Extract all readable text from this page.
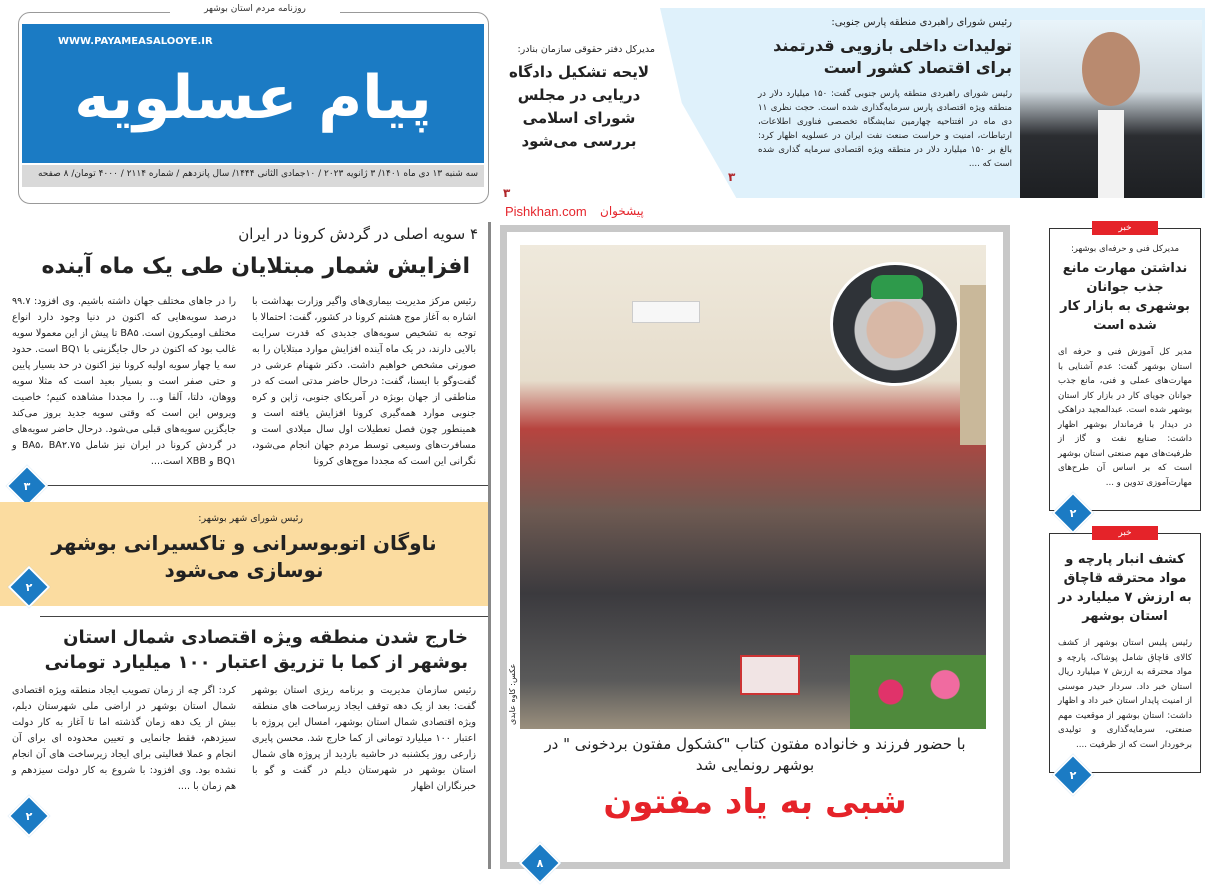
روزنامه مردم استان بوشهر
WWW.PAYAMEASALOOYE.IR
پیام عسلویه
سه شنبه ۱۳ دی ماه ۱۴۰۱/ ۳ ژانویه ۲۰۲۳ / ۱۰جمادی الثانی ۱۴۴۴/ سال پانزدهم / شماره ۲۱۱۴ / ۴۰۰۰ تومان/ ۸ صفحه
مدیرکل دفتر حقوقی سازمان بنادر:
لایحه تشکیل دادگاه دریایی در مجلس شورای اسلامی بررسی می‌شود
۳
Pishkhan.com پیشخوان
رئیس شورای راهبردی منطقه پارس جنوبی:
تولیدات داخلی بازویی قدرتمند
برای اقتصاد کشور است
رئیس شورای راهبردی منطقه پارس جنوبی گفت: ۱۵۰ میلیارد دلار در منطقه ویژه اقتصادی پارس سرمایه‌گذاری شده است. حجت نظری ۱۱ دی ماه در افتتاحیه چهارمین نمایشگاه تخصصی فناوری اطلاعات، ارتباطات، امنیت و حراست صنعت نفت ایران در عسلویه اظهار کرد: بالغ بر ۱۵۰ میلیارد دلار در منطقه ویژه اقتصادی سرمایه گذاری شده است که ....
۳
۴ سویه اصلی در گردش کرونا در ایران
افزایش شمار مبتلایان طی یک ماه آینده
رئیس مرکز مدیریت بیماری‌های واگیر وزارت بهداشت با اشاره به آغاز موج هشتم کرونا در کشور، گفت: احتمالا با توجه به تشخیص سویه‌های جدیدی که قدرت سرایت بالایی دارند، در یک ماه آینده افزایش موارد مبتلایان را به صورتی مشخص خواهیم داشت. دکتر شهنام عرشی در گفت‌وگو با ایسنا، گفت: درحال حاضر مدتی است که در مناطقی از جهان بویژه در آمریکای جنوبی، ژاپن و کره جنوبی موارد همه‌گیری کرونا افزایش یافته است و همینطور چون فصل تعطیلات اول سال میلادی است و مسافرت‌های وسیعی توسط مردم جهان انجام می‌شود، نگرانی این است که مجددا موج‌های کرونا
را در جاهای مختلف جهان داشته باشیم. وی افزود: ۹۹.۷ درصد سویه‌هایی که اکنون در دنیا وجود دارد انواع مختلف اومیکرون است. BA۵ تا پیش از این معمولا سویه غالب بود که اکنون در حال جایگزینی با BQ۱ است. حدود سه یا چهار سویه اولیه کرونا نیز اکنون در حد بسیار پایین و حتی صفر است و بسیار بعید است که مثلا سویه ووهان، دلتا، آلفا و... را مجددا مشاهده کنیم؛ خاصیت ویروس این است که وقتی سویه جدید بروز می‌کند جایگزین سویه‌های قبلی می‌شود. درحال حاضر سویه‌های در گردش کرونا در ایران نیز شامل BA۵، BA۲.۷۵ و BQ۱ و XBB است....
۳
رئیس شورای شهر بوشهر:
ناوگان اتوبوسرانی و تاکسیرانی بوشهر نوسازی می‌شود
۲
خارج شدن منطقه ویژه اقتصادی شمال استان
بوشهر از کما با تزریق اعتبار ۱۰۰ میلیارد تومانی
رئیس سازمان مدیریت و برنامه ریزی استان بوشهر گفت: بعد از یک دهه توقف ایجاد زیرساخت های منطقه ویژه اقتصادی شمال استان بوشهر، امسال این پروژه با اعتبار ۱۰۰ میلیارد تومانی از کما خارج شد. محسن پایری زارعی روز یکشنبه در حاشیه بازدید از پروژه های شمال استان بوشهر در شهرستان دیلم در گفت و گو با خبرنگاران اظهار
کرد: اگر چه از زمان تصویب ایجاد منطقه ویژه اقتصادی شمال استان بوشهر در اراضی ملی شهرستان دیلم، بیش از یک دهه زمان گذشته اما تا آغاز به کار دولت سیزدهم، فقط جانمایی و تعیین محدوده ای برای آن انجام و عملا فعالیتی برای ایجاد زیرساخت های آن انجام نشده بود. وی افزود: با شروع به کار دولت سیزدهم و هم زمان با ....
۲
عکس: کاوه عابدی
با حضور فرزند و خانواده مفتون کتاب "کشکول مفتون بردخونی " در بوشهر رونمایی شد
شبی به یاد مفتون
۸
خبر
مدیرکل فنی و حرفه‌ای بوشهر:
نداشتن مهارت مانع جذب جوانان بوشهری به بازار کار شده است
مدیر کل آموزش فنی و حرفه ای استان بوشهر گفت: عدم آشنایی با مهارت‌های عملی و فنی، مانع جذب جوانان جویای کار در بازار کار استان بوشهر شده است. عبدالمجید دراهکی در دیدار با فرماندار بوشهر اظهار داشت: صنایع نفت و گاز از ظرفیت‌های مهم صنعتی استان بوشهر است که بر اساس آن طرح‌های مهارت‌آموزی تدوین و ...
۲
خبر
کشف انبار پارچه و مواد محترقه قاچاق به ارزش ۷ میلیارد در استان بوشهر
رئیس پلیس استان بوشهر از کشف کالای قاچاق شامل پوشاک، پارچه و مواد محترقه به ارزش ۷ میلیارد ریال استان خبر داد. سردار حیدر موسنی از امنیت پایدار استان خبر داد و اظهار داشت: استان بوشهر از موقعیت مهم صنعتی، سرمایه‌گذاری و تولیدی برخوردار است که از ظرفیت ....
۲
